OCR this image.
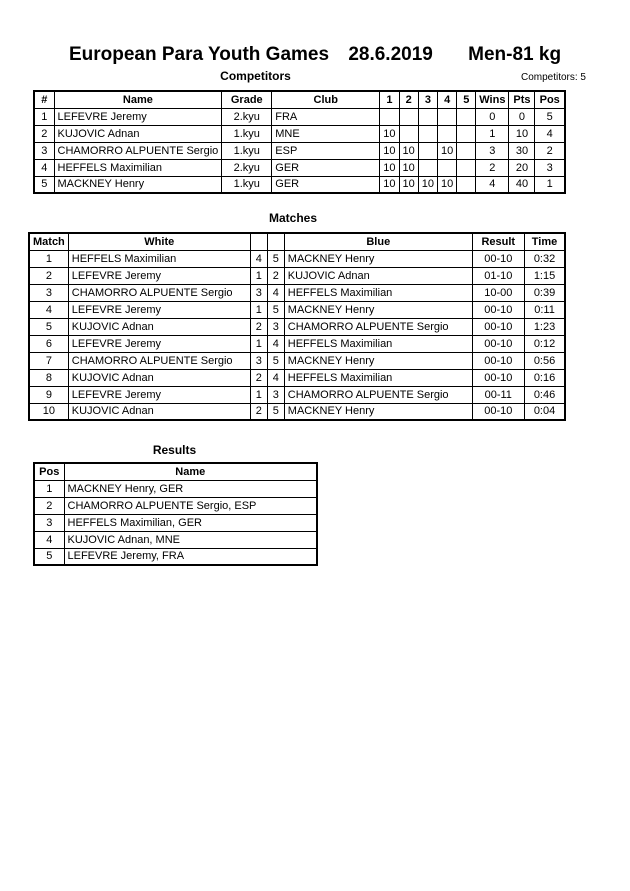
European Para Youth Games 28.6.2019 Men-81 kg
Competitors	Competitors: 5
#	Name	Grade	Club	1	2	3	4	5	Wins	Pts	Pos
1	LEFEVRE Jeremy	2.kyu	FRA						0	0	5
2	KUJOVIC Adnan	1.kyu	MNE	10					1	10	4
3	CHAMORRO ALPUENTE Sergio	1.kyu	ESP	10	10		10		3	30	2
4	HEFFELS Maximilian	2.kyu	GER	10	10				2	20	3
5	MACKNEY Henry	1.kyu	GER	10	10	10	10		4	40	1
Matches
Match	White			Blue	Result	Time
1	HEFFELS Maximilian	4	5	MACKNEY Henry	00-10	0:32
2	LEFEVRE Jeremy	1	2	KUJOVIC Adnan	01-10	1:15
3	CHAMORRO ALPUENTE Sergio	3	4	HEFFELS Maximilian	10-00	0:39
4	LEFEVRE Jeremy	1	5	MACKNEY Henry	00-10	0:11
5	KUJOVIC Adnan	2	3	CHAMORRO ALPUENTE Sergio	00-10	1:23
6	LEFEVRE Jeremy	1	4	HEFFELS Maximilian	00-10	0:12
7	CHAMORRO ALPUENTE Sergio	3	5	MACKNEY Henry	00-10	0:56
8	KUJOVIC Adnan	2	4	HEFFELS Maximilian	00-10	0:16
9	LEFEVRE Jeremy	1	3	CHAMORRO ALPUENTE Sergio	00-11	0:46
10	KUJOVIC Adnan	2	5	MACKNEY Henry	00-10	0:04
Results
Pos	Name
1	MACKNEY Henry, GER
2	CHAMORRO ALPUENTE Sergio, ESP
3	HEFFELS Maximilian, GER
4	KUJOVIC Adnan, MNE
5	LEFEVRE Jeremy, FRA
